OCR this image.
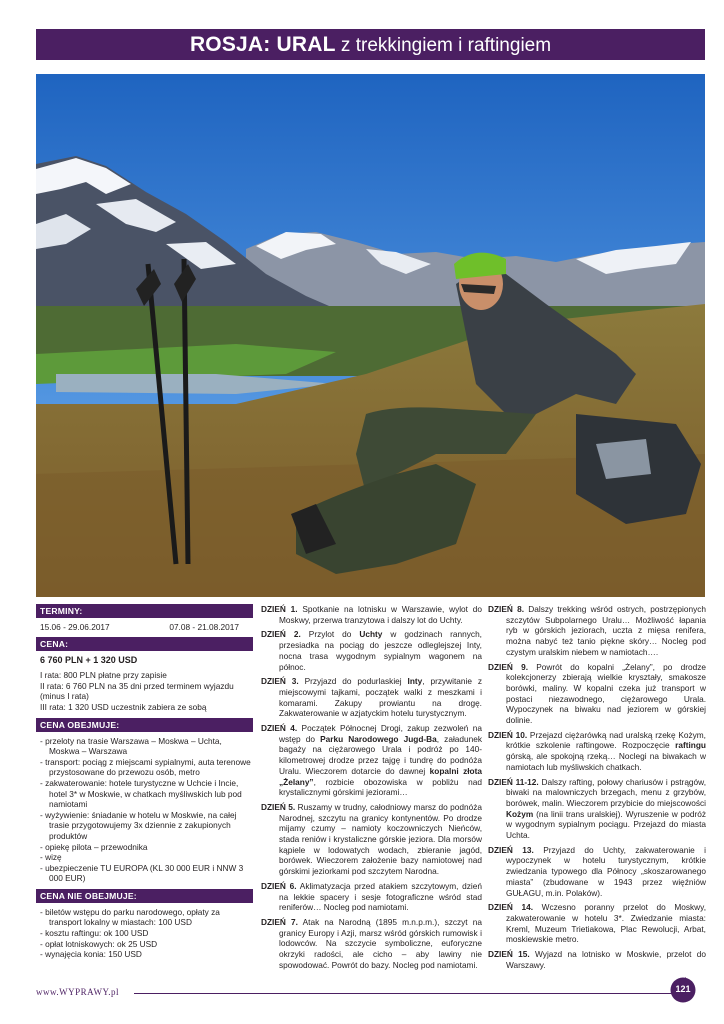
ROSJA: URAL z trekkingiem i raftingiem
TERMINY:
15.06 - 29.06.2017	07.08 - 21.08.2017
CENA:
6 760 PLN + 1 320 USD
I rata: 800 PLN płatne przy zapisie
II rata: 6 760 PLN na 35 dni przed terminem wyjazdu (minus I rata)
III rata: 1 320 USD uczestnik zabiera ze sobą
CENA OBEJMUJE:
- przeloty na trasie Warszawa – Moskwa – Uchta, Moskwa – Warszawa
- transport: pociąg z miejscami sypialnymi, auta terenowe przystosowane do przewozu osób, metro
- zakwaterowanie: hotele turystyczne w Uchcie i Incie, hotel 3* w Moskwie, w chatkach myśliwskich lub pod namiotami
- wyżywienie: śniadanie w hotelu w Moskwie, na całej trasie przygotowujemy 3x dziennie z zakupionych produktów
- opiekę pilota – przewodnika
- wizę
- ubezpieczenie TU EUROPA (KL 30 000 EUR i NNW 3 000 EUR)
CENA NIE OBEJMUJE:
- biletów wstępu do parku narodowego, opłaty za transport lokalny w miastach: 100 USD
- kosztu raftingu: ok 100 USD
- opłat lotniskowych: ok 25 USD
- wynajęcia konia: 150 USD

DZIEŃ 1. Spotkanie na lotnisku w Warszawie, wylot do Moskwy, przerwa tranzytowa i dalszy lot do Uchty.

DZIEŃ 2. Przylot do Uchty w godzinach rannych, przesiadka na pociąg do jeszcze odleglejszej Inty, nocna trasa wygodnym sypialnym wagonem na północ.

DZIEŃ 3. Przyjazd do podurlaskiej Inty, przywitanie z miejscowymi tajkami, początek walki z meszkami i komarami. Zakupy prowiantu na drogę. Zakwaterowanie w azjatyckim hotelu turystycznym.

DZIEŃ 4. Początek Północnej Drogi, zakup zezwoleń na wstęp do Parku Narodowego Jugd-Ba, załadunek bagaży na ciężarowego Urala i podróż po 140-kilometrowej drodze przez tajgę i tundrę do podnóża Uralu. Wieczorem dotarcie do dawnej kopalni złota „Żelany”, rozbicie obozowiska w pobliżu nad krystalicznymi górskimi jeziorami…

DZIEŃ 5. Ruszamy w trudny, całodniowy marsz do podnóża Narodnej, szczytu na granicy kontynentów. Po drodze mijamy czumy – namioty koczowniczych Nieńców, stada reniów i krystaliczne górskie jeziora. Dla morsów kąpiele w lodowatych wodach, zbieranie jagód, borówek. Wieczorem założenie bazy namiotowej nad górskimi jeziorkami pod szczytem Narodna.

DZIEŃ 6. Aklimatyzacja przed atakiem szczytowym, dzień na lekkie spacery i sesje fotograficzne wśród stad reniferów… Nocleg pod namiotami.

DZIEŃ 7. Atak na Narodną (1895 m.n.p.m.), szczyt na granicy Europy i Azji, marsz wśród górskich rumowisk i lodowców. Na szczycie symboliczne, euforyczne okrzyki radości, ale cicho – aby lawiny nie spowodować. Powrót do bazy. Nocleg pod namiotami.

DZIEŃ 8. Dalszy trekking wśród ostrych, postrzępionych szczytów Subpolarnego Uralu… Możliwość łapania ryb w górskich jeziorach, uczta z mięsa renifera, można nabyć też tanio piękne skóry… Nocleg pod czystym uralskim niebem w namiotach….

DZIEŃ 9. Powrót do kopalni „Żelany”, po drodze kolekcjonerzy zbierają wielkie kryształy, smakosze borówki, maliny. W kopalni czeka już transport w postaci niezawodnego, ciężarowego Urala. Wypoczynek na biwaku nad jeziorem w górskiej dolinie.

DZIEŃ 10. Przejazd ciężarówką nad uralską rzekę Kożym, krótkie szkolenie raftingowe. Rozpoczęcie raftingu górską, ale spokojną rzeką… Noclegi na biwakach w namiotach lub myśliwskich chatkach.

DZIEŃ 11-12. Dalszy rafting, połowy chariusów i pstrągów, biwaki na malowniczych brzegach, menu z grzybów, borówek, malin. Wieczorem przybicie do miejscowości Kożym (na linii trans uralskiej). Wyruszenie w podróż w wygodnym sypialnym pociągu. Przejazd do miasta Uchta.

DZIEŃ 13. Przyjazd do Uchty, zakwaterowanie i wypoczynek w hotelu turystycznym, krótkie zwiedzania typowego dla Północy „skoszarowanego miasta” (zbudowane w 1943 przez więźniów GUŁAGU, m.in. Polaków).

DZIEŃ 14. Wczesno poranny przelot do Moskwy, zakwaterowanie w hotelu 3*. Zwiedzanie miasta: Kreml, Muzeum Trietiakowa, Plac Rewolucji, Arbat, moskiewskie metro.

DZIEŃ 15. Wyjazd na lotnisko w Moskwie, przelot do Warszawy.

www.WYPRAWY.pl	121
